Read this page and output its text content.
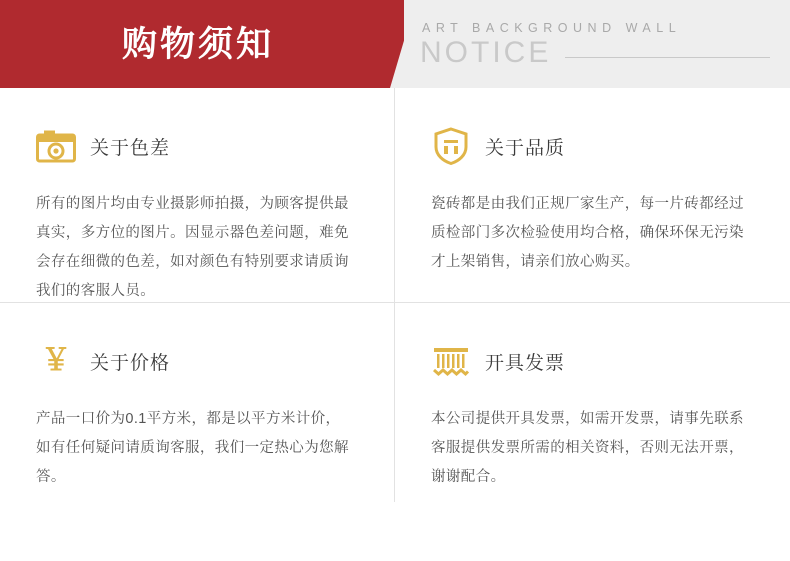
购物须知	ART BACKGROUND WALL
NOTICE
关于色差

所有的图片均由专业摄影师拍摄，为顾客提供最真实，多方位的图片。因显示器色差问题，难免会存在细微的色差，如对颜色有特别要求请质询我们的客服人员。

关于品质

瓷砖都是由我们正规厂家生产，每一片砖都经过质检部门多次检验使用均合格，确保环保无污染才上架销售，请亲们放心购买。

￥ 关于价格

产品一口价为0.1平方米，都是以平方米计价，如有任何疑问请质询客服，我们一定热心为您解答。

开具发票

本公司提供开具发票，如需开发票，请事先联系客服提供发票所需的相关资料，否则无法开票，谢谢配合。
